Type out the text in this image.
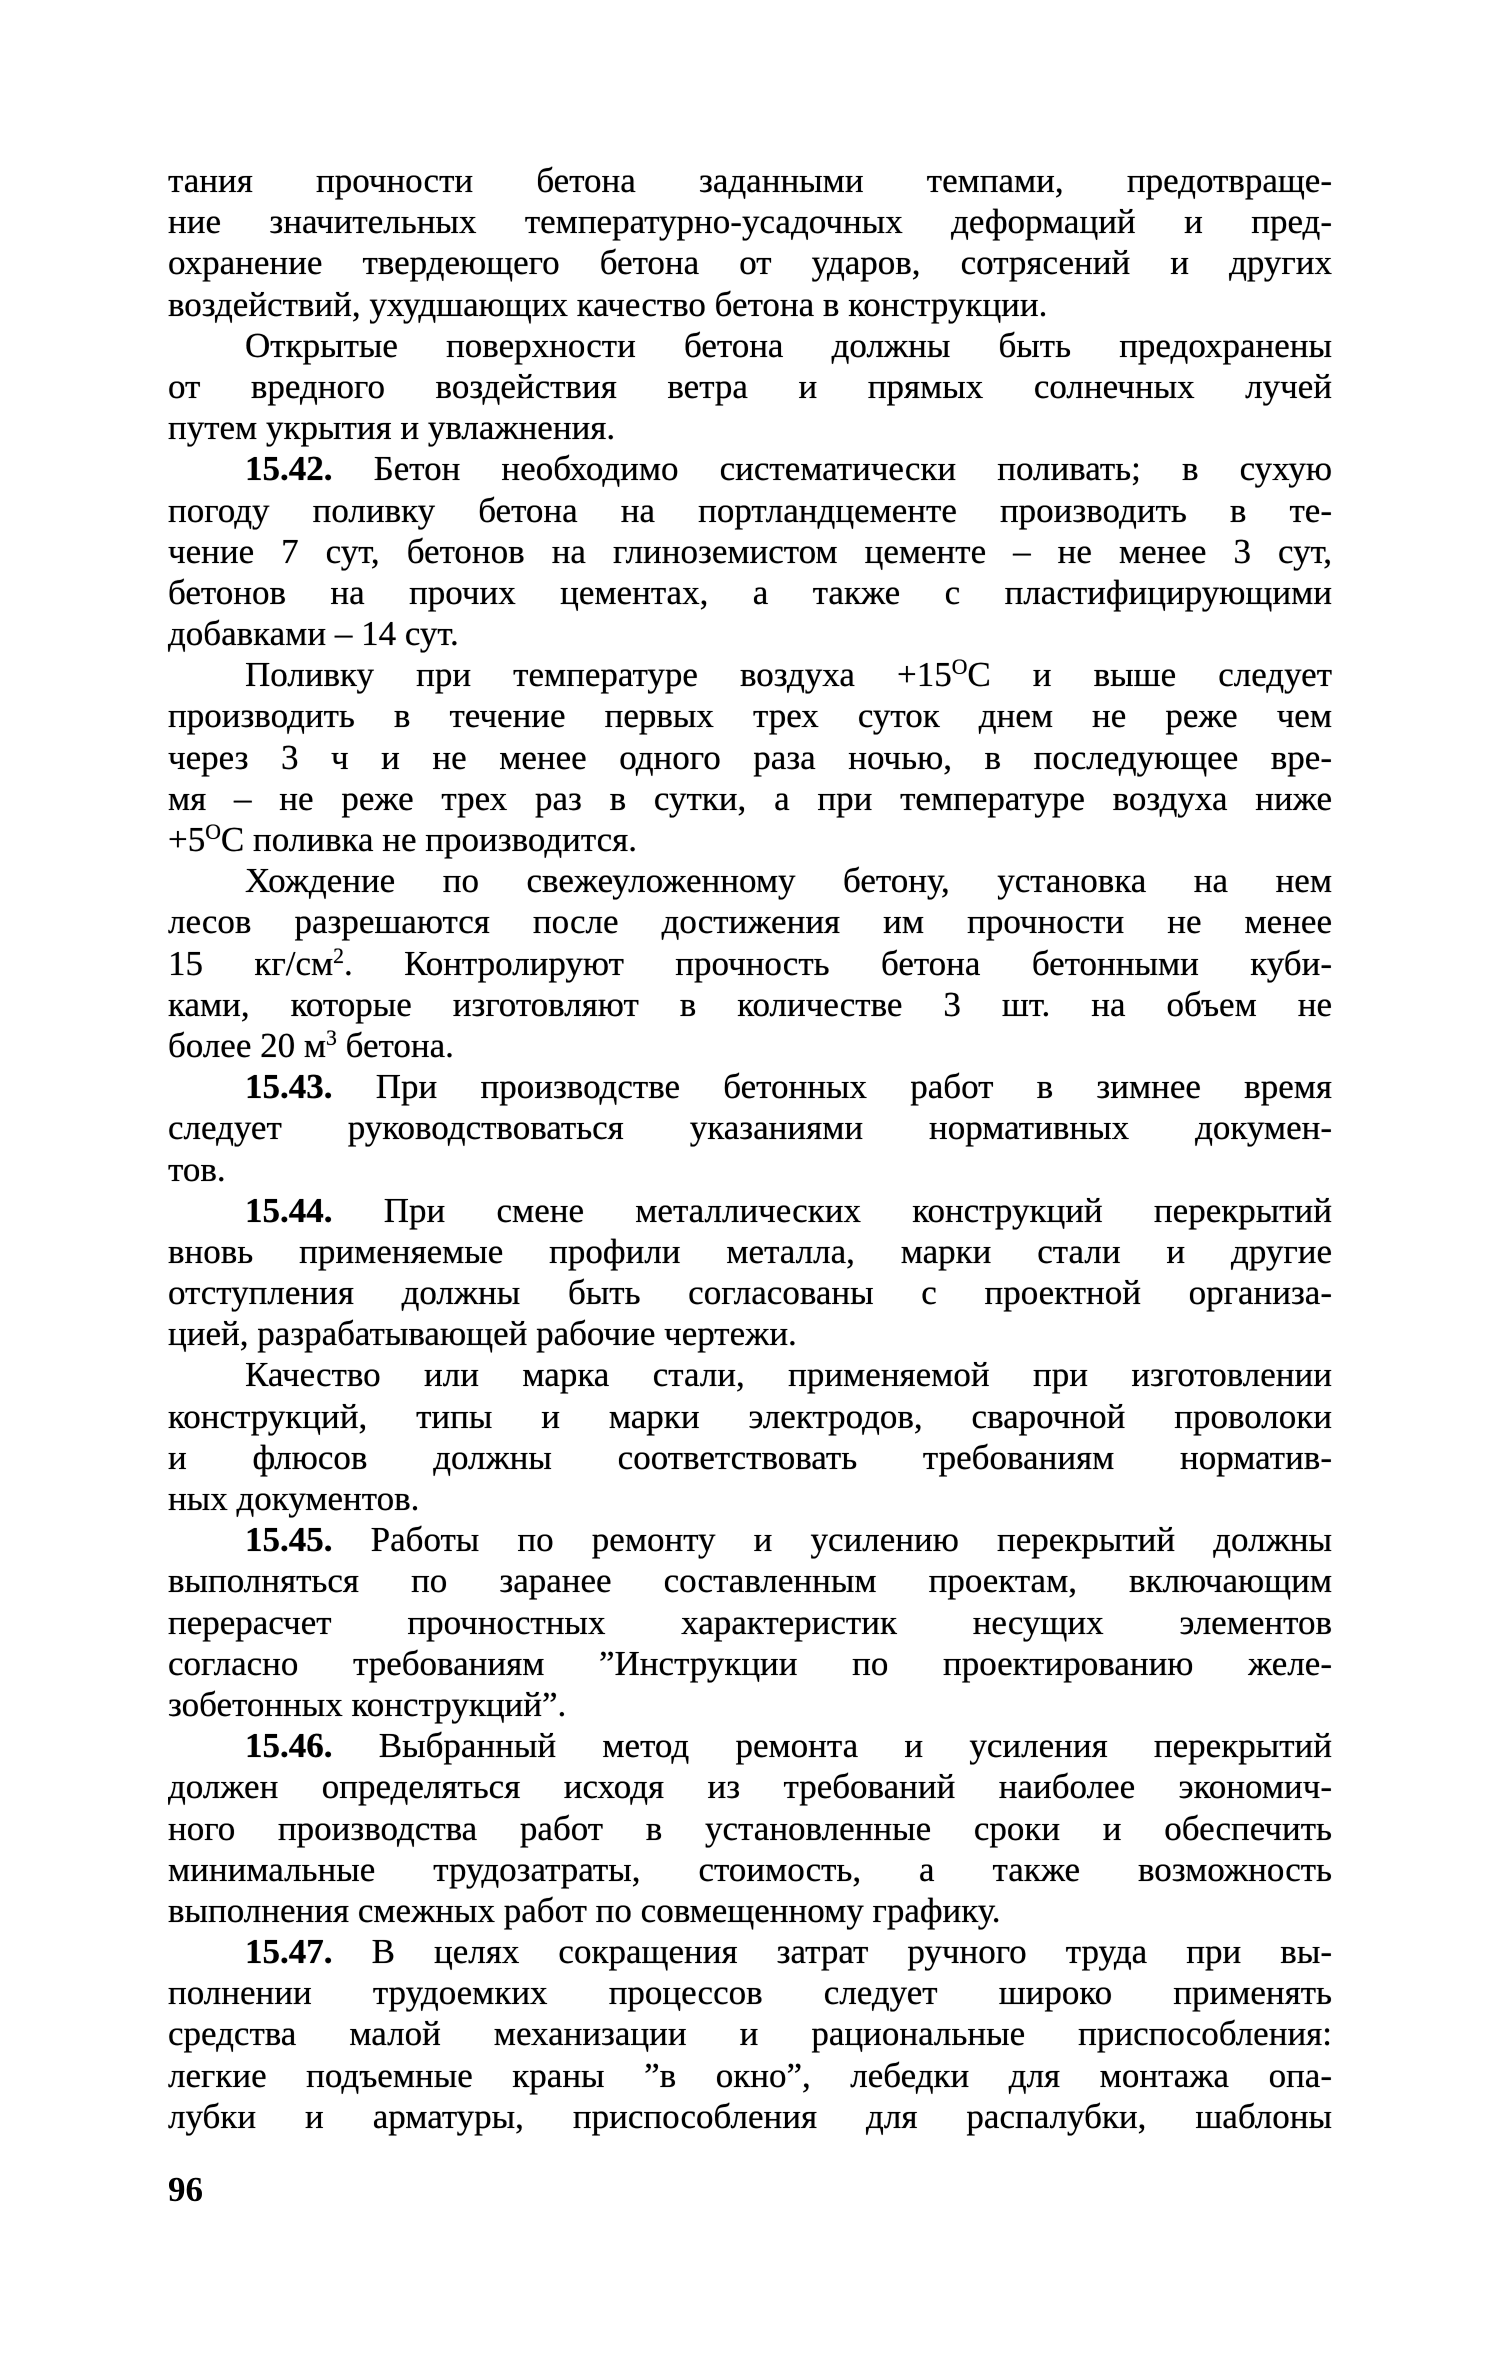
тания прочности бетона заданными темпами, предотвраще-
ние значительных температурно-усадочных деформаций и пред-
охранение твердеющего бетона от ударов, сотрясений и других
воздействий, ухудшающих качество бетона в конструкции.
Открытые поверхности бетона должны быть предохранены
от вредного воздействия ветра и прямых солнечных лучей
путем укрытия и увлажнения.
15.42. Бетон необходимо систематически поливать; в сухую
погоду поливку бетона на портландцементе производить в те-
чение 7 сут, бетонов на глиноземистом цементе – не менее 3 сут,
бетонов на прочих цементах, а также с пластифицирующими
добавками – 14 сут.
Поливку при температуре воздуха $+15^OC$ и выше следует
производить в течение первых трех суток днем не реже чем
через 3 ч и не менее одного раза ночью, в последующее вре-
мя – не реже трех раз в сутки, а при температуре воздуха ниже
$+5^OC$ поливка не производится.
Хождение по свежеуложенному бетону, установка на нем
лесов разрешаются после достижения им прочности не менее
15 $кг/см^2$. Контролируют прочность бетона бетонными куби-
ками, которые изготовляют в количестве 3 шт. на объем не
более 20 $м^3$ бетона.
15.43. При производстве бетонных работ в зимнее время
следует руководствоваться указаниями нормативных докумен-
тов.
15.44. При смене металлических конструкций перекрытий
вновь применяемые профили металла, марки стали и другие
отступления должны быть согласованы с проектной организа-
цией, разрабатывающей рабочие чертежи.
Качество или марка стали, применяемой при изготовлении
конструкций, типы и марки электродов, сварочной проволоки
и флюсов должны соответствовать требованиям норматив-
ных документов.
15.45. Работы по ремонту и усилению перекрытий должны
выполняться по заранее составленным проектам, включающим
перерасчет прочностных характеристик несущих элементов
согласно требованиям ”Инструкции по проектированию желе-
зобетонных конструкций”.
15.46. Выбранный метод ремонта и усиления перекрытий
должен определяться исходя из требований наиболее экономич-
ного производства работ в установленные сроки и обеспечить
минимальные трудозатраты, стоимость, а также возможность
выполнения смежных работ по совмещенному графику.
15.47. В целях сокращения затрат ручного труда при вы-
полнении трудоемких процессов следует широко применять
средства малой механизации и рациональные приспособления:
легкие подъемные краны ”в окно”, лебедки для монтажа опа-
лубки и арматуры, приспособления для распалубки, шаблоны
96
